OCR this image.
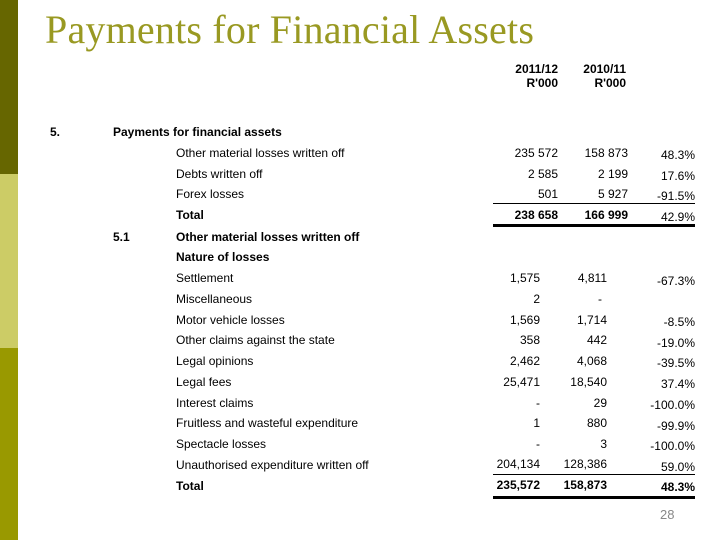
Payments for Financial Assets
2011/12
R'000
2010/11
R'000
5.	Payments for financial assets
Other material losses written off	235 572	158 873	48.3%
Debts written off	2 585	2 199	17.6%
Forex losses	501	5 927	-91.5%
Total	238 658	166 999	42.9%
5.1	Other material losses written off
Nature of losses
Settlement	1,575	4,811	-67.3%
Miscellaneous	2	-
Motor vehicle losses	1,569	1,714	-8.5%
Other claims against the state	358	442	-19.0%
Legal opinions	2,462	4,068	-39.5%
Legal fees	25,471	18,540	37.4%
Interest claims	-	29	-100.0%
Fruitless and wasteful expenditure	1	880	-99.9%
Spectacle losses	-	3	-100.0%
Unauthorised expenditure written off	204,134	128,386	59.0%
Total	235,572	158,873	48.3%
28
